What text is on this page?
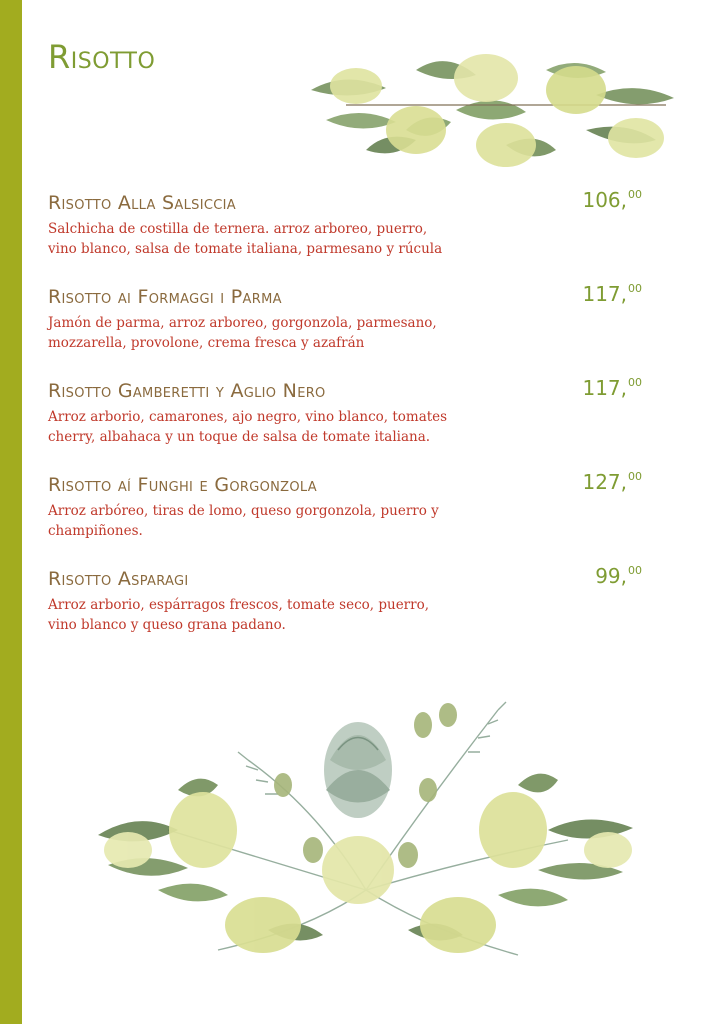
Risotto
Risotto Alla Salsiccia
Salchicha de costilla de ternera. arroz arboreo, puerro, vino blanco, salsa de tomate italiana, parmesano y rúcula
106,00
Risotto ai Formaggi i Parma
Jamón de parma, arroz arboreo, gorgonzola, parmesano, mozzarella, provolone, crema fresca y azafrán
117,00
Risotto Gamberetti y Aglio Nero
Arroz arborio, camarones, ajo negro, vino blanco, tomates cherry, albahaca y un toque de salsa de tomate italiana.
117,00
Risotto aí Funghi e Gorgonzola
Arroz arbóreo, tiras de lomo, queso gorgonzola, puerro y champiñones.
127,00
Risotto Asparagi
Arroz arborio, espárragos frescos, tomate seco, puerro, vino blanco y queso grana padano.
99,00
